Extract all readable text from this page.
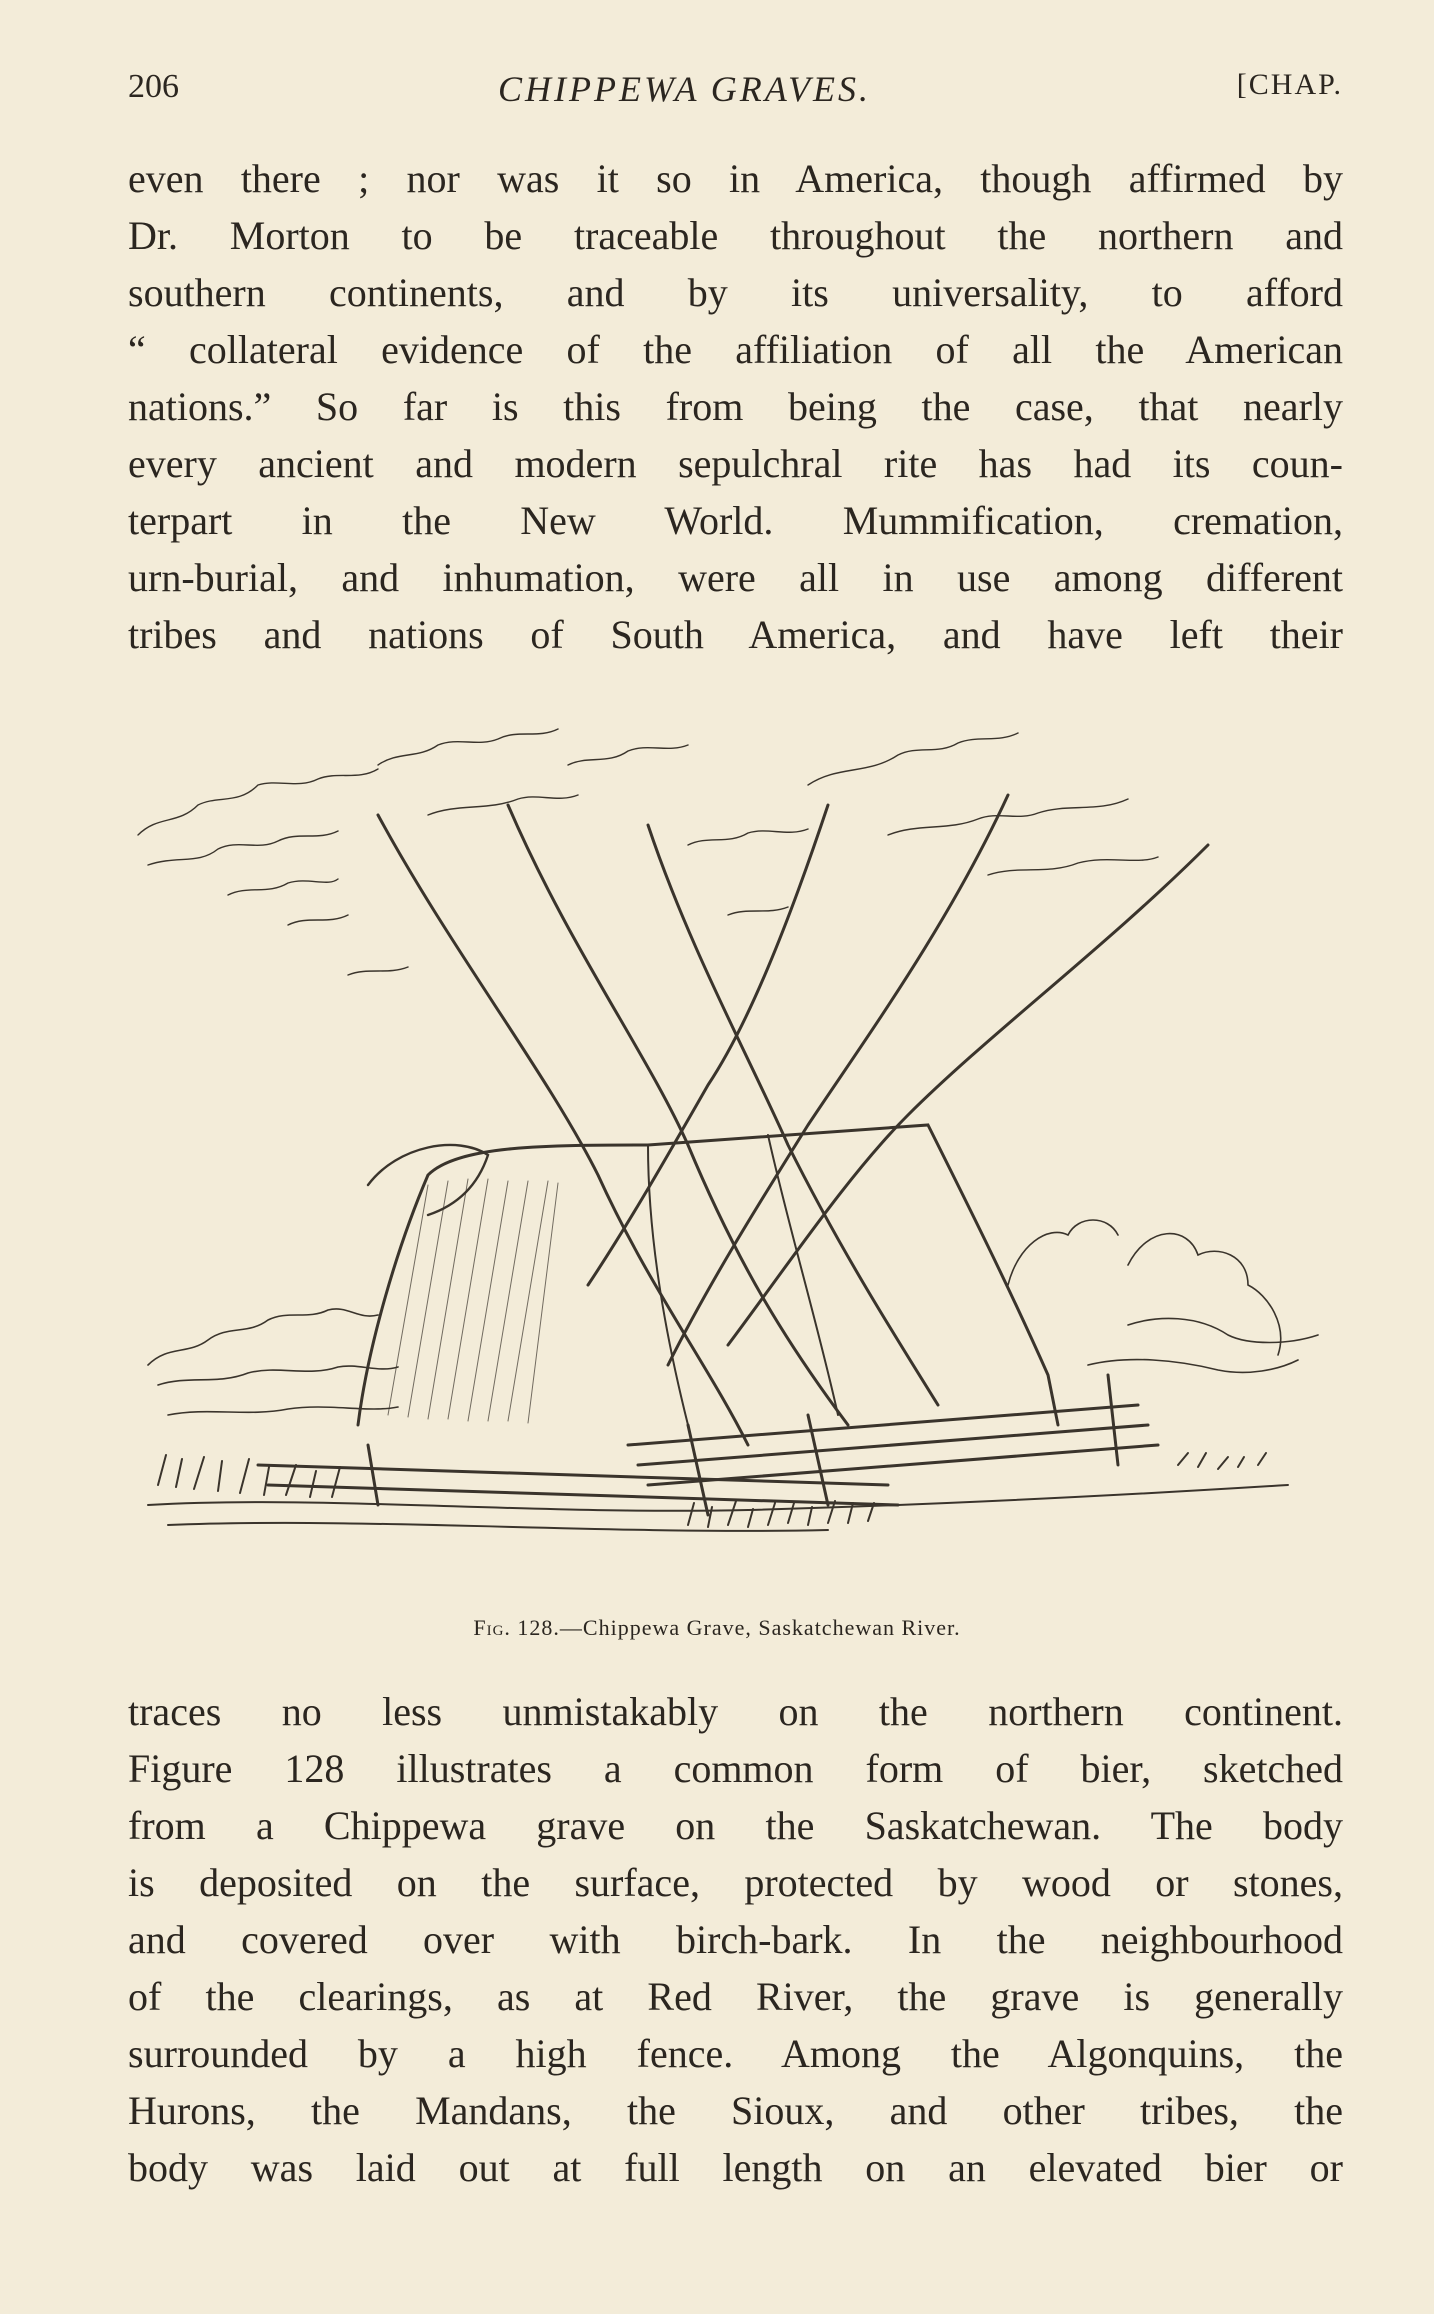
206	CHIPPEWA GRAVES.	[CHAP.
even there ; nor was it so in America, though affirmed by
Dr. Morton to be traceable throughout the northern and
southern continents, and by its universality, to afford
“ collateral evidence of the affiliation of all the American
nations.” So far is this from being the case, that nearly
every ancient and modern sepulchral rite has had its coun-
terpart in the New World. Mummification, cremation,
urn-burial, and inhumation, were all in use among different
tribes and nations of South America, and have left their
Fig. 128.—Chippewa Grave, Saskatchewan River.
traces no less unmistakably on the northern continent.
Figure 128 illustrates a common form of bier, sketched
from a Chippewa grave on the Saskatchewan. The body
is deposited on the surface, protected by wood or stones,
and covered over with birch-bark. In the neighbourhood
of the clearings, as at Red River, the grave is generally
surrounded by a high fence. Among the Algonquins, the
Hurons, the Mandans, the Sioux, and other tribes, the
body was laid out at full length on an elevated bier or
